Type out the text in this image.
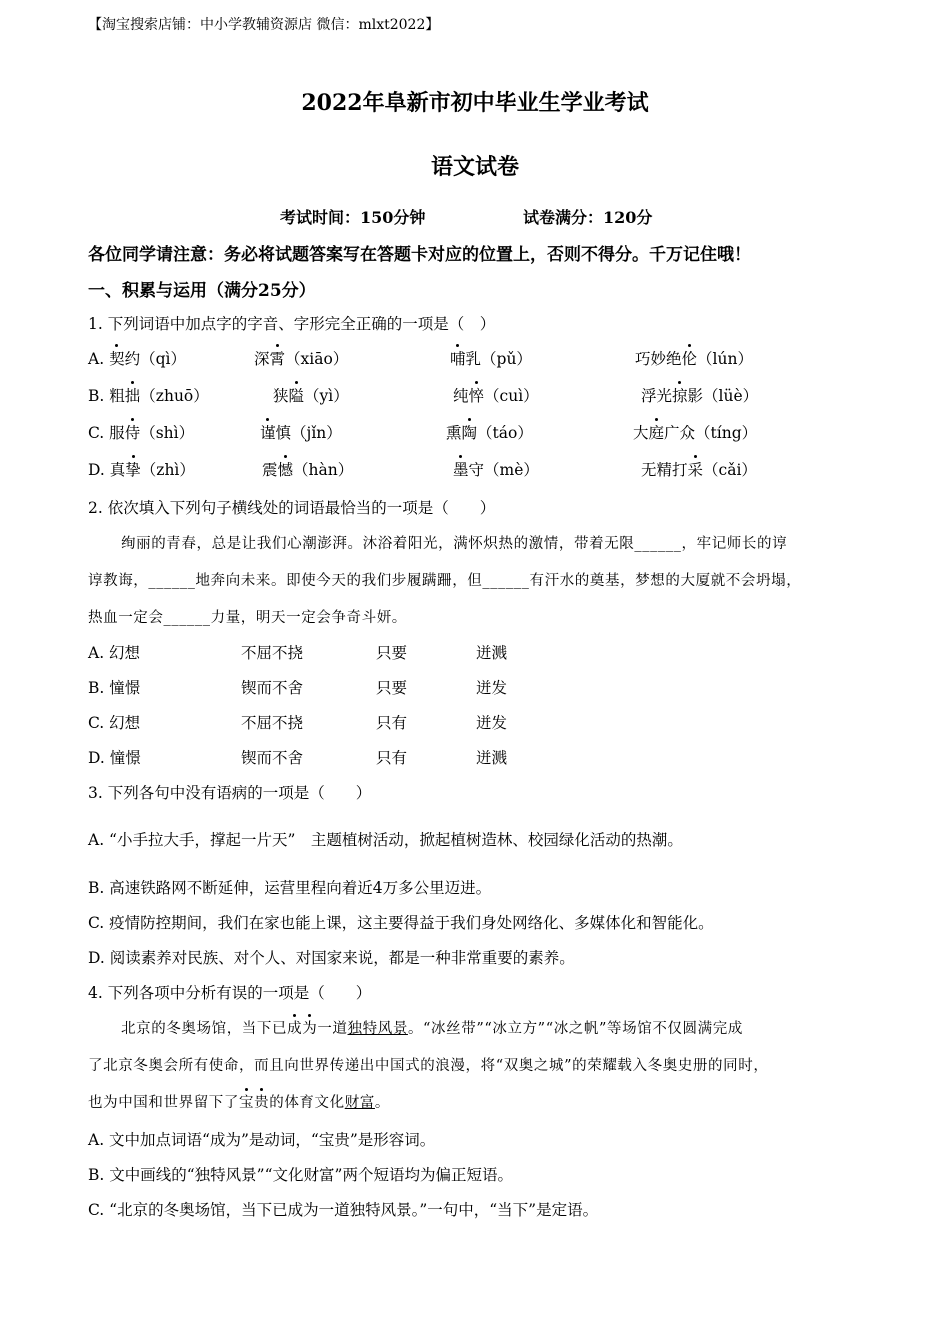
【淘宝搜索店铺：中小学教辅资源店 微信：mlxt2022】
2022年阜新市初中毕业生学业考试
语文试卷
考试时间：150分钟	试卷满分：120分
各位同学请注意：务必将试题答案写在答题卡对应的位置上，否则不得分。千万记住哦！
一、积累与运用（满分25分）
1. 下列词语中加点字的字音、字形完全正确的一项是（　）
A. 契约（qì）	深霄（xiāo）	哺乳（pǔ）	巧妙绝伦（lún）
B. 粗拙（zhuō）	狭隘（yì）	纯悴（cuì）	浮光掠影（lüè）
C. 服侍（shì）	谨慎（jǐn）	熏陶（táo）	大庭广众（tíng）
D. 真挚（zhì）	震憾（hàn）	墨守（mè）	无精打采（cǎi）
2. 依次填入下列句子横线处的词语最恰当的一项是（　　）
绚丽的青春，总是让我们心潮澎湃。沐浴着阳光，满怀炽热的激情，带着无限______，牢记师长的谆
谆教诲，______地奔向未来。即使今天的我们步履蹒跚，但______有汗水的奠基，梦想的大厦就不会坍塌，
热血一定会______力量，明天一定会争奇斗妍。
A. 幻想	不屈不挠	只要	迸溅
B. 憧憬	锲而不舍	只要	迸发
C. 幻想	不屈不挠	只有	迸发
D. 憧憬	锲而不舍	只有	迸溅
3. 下列各句中没有语病的一项是（　　）
A. “小手拉大手，撑起一片天”　主题植树活动，掀起植树造林、校园绿化活动的热潮。
B. 高速铁路网不断延伸，运营里程向着近4万多公里迈进。
C. 疫情防控期间，我们在家也能上课，这主要得益于我们身处网络化、多媒体化和智能化。
D. 阅读素养对民族、对个人、对国家来说，都是一种非常重要的素养。
4. 下列各项中分析有误的一项是（　　）
北京的冬奥场馆，当下已成为一道独特风景。“冰丝带”“冰立方”“冰之帆”等场馆不仅圆满完成
了北京冬奥会所有使命，而且向世界传递出中国式的浪漫，将“双奥之城”的荣耀载入冬奥史册的同时，
也为中国和世界留下了宝贵的体育文化财富。
A. 文中加点词语“成为”是动词，“宝贵”是形容词。
B. 文中画线的“独特风景”“文化财富”两个短语均为偏正短语。
C. “北京的冬奥场馆，当下已成为一道独特风景。”一句中，“当下”是定语。
